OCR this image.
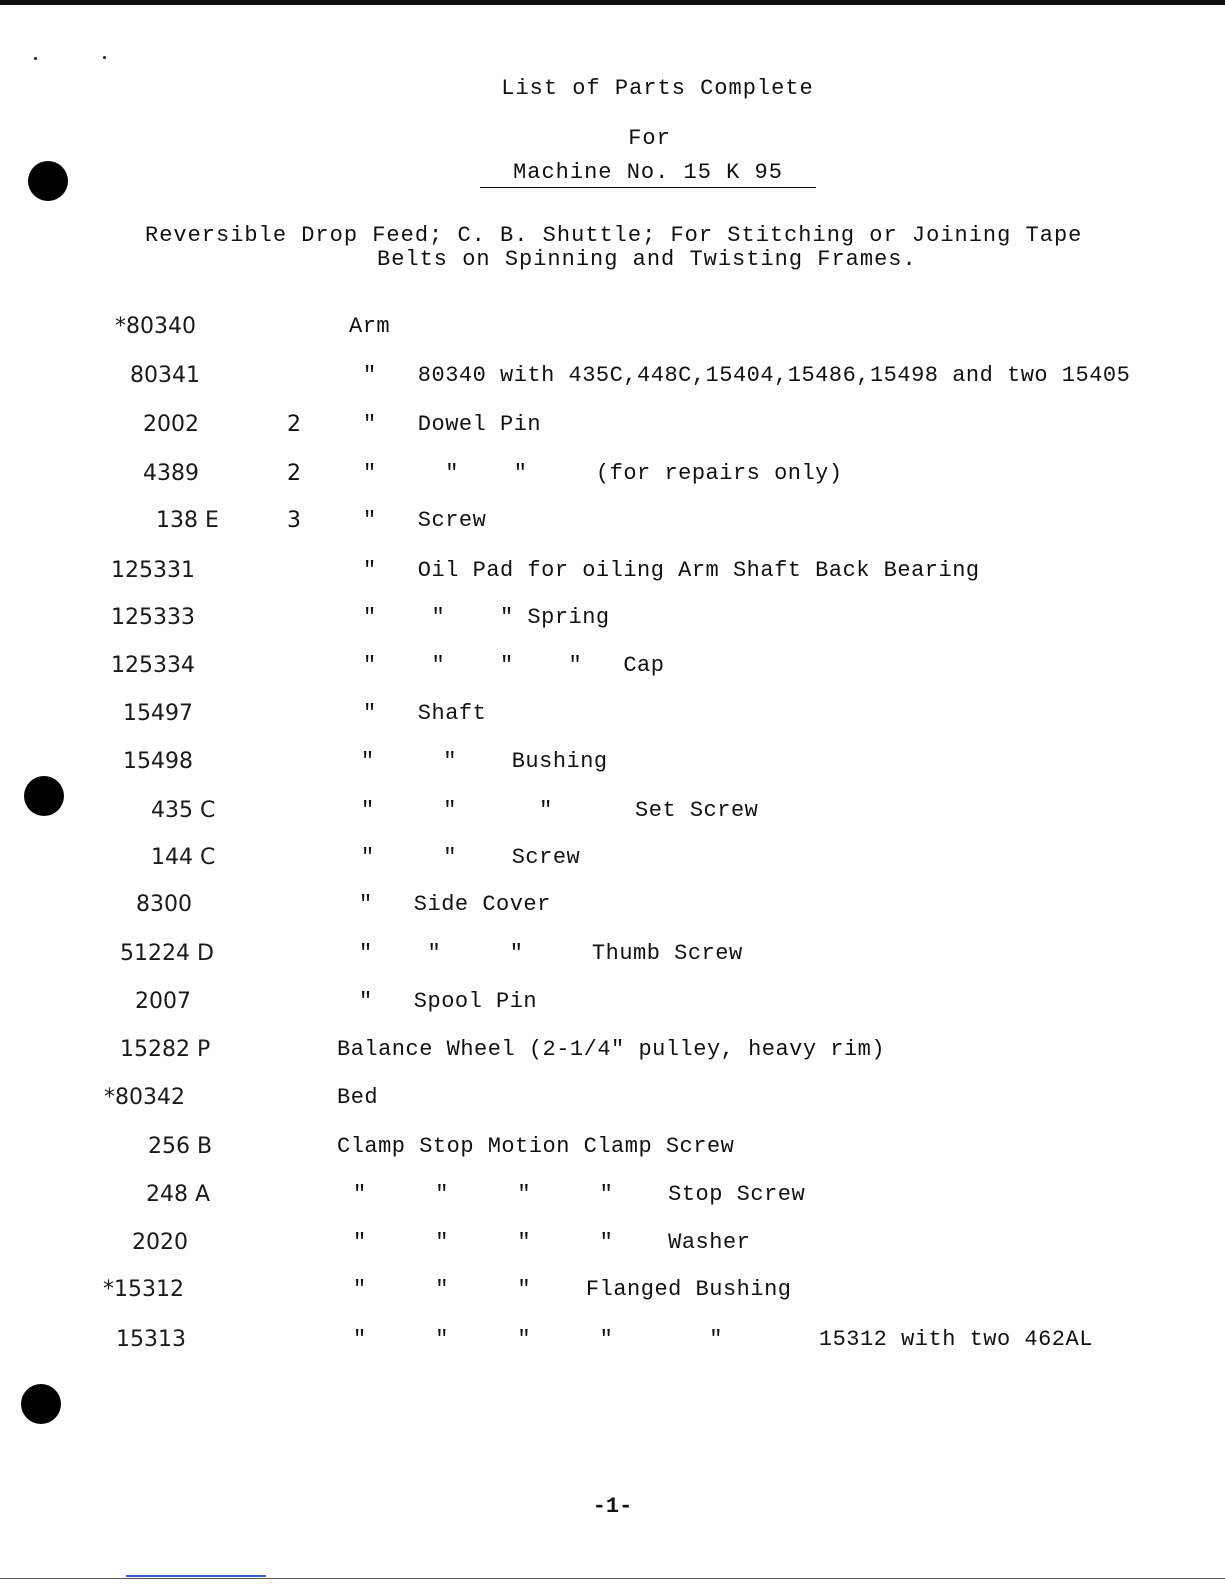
List of Parts Complete
For
Machine No. 15 K 95
Reversible Drop Feed; C. B. Shuttle; For Stitching or Joining Tape
Belts on Spinning and Twisting Frames.
*80340	Arm
80341	"   80340 with 435C,448C,15404,15486,15498 and two 15405
2002	2	"   Dowel Pin
4389	2	"     "    "     (for repairs only)
138 E	3	"   Screw
125331	"   Oil Pad for oiling Arm Shaft Back Bearing
125333	"    "    " Spring
125334	"    "    "    "   Cap
15497	"   Shaft
15498	"     "    Bushing
435 C	"     "      "      Set Screw
144 C	"     "    Screw
8300	"   Side Cover
51224 D	"    "     "     Thumb Screw
2007	"   Spool Pin
15282 P	Balance Wheel (2-1/4" pulley, heavy rim)
*80342	Bed
256 B	Clamp Stop Motion Clamp Screw
248 A	"     "     "     "    Stop Screw
2020	"     "     "     "    Washer
*15312	"     "     "    Flanged Bushing
15313	"     "     "     "       "       15312 with two 462AL
-1-
